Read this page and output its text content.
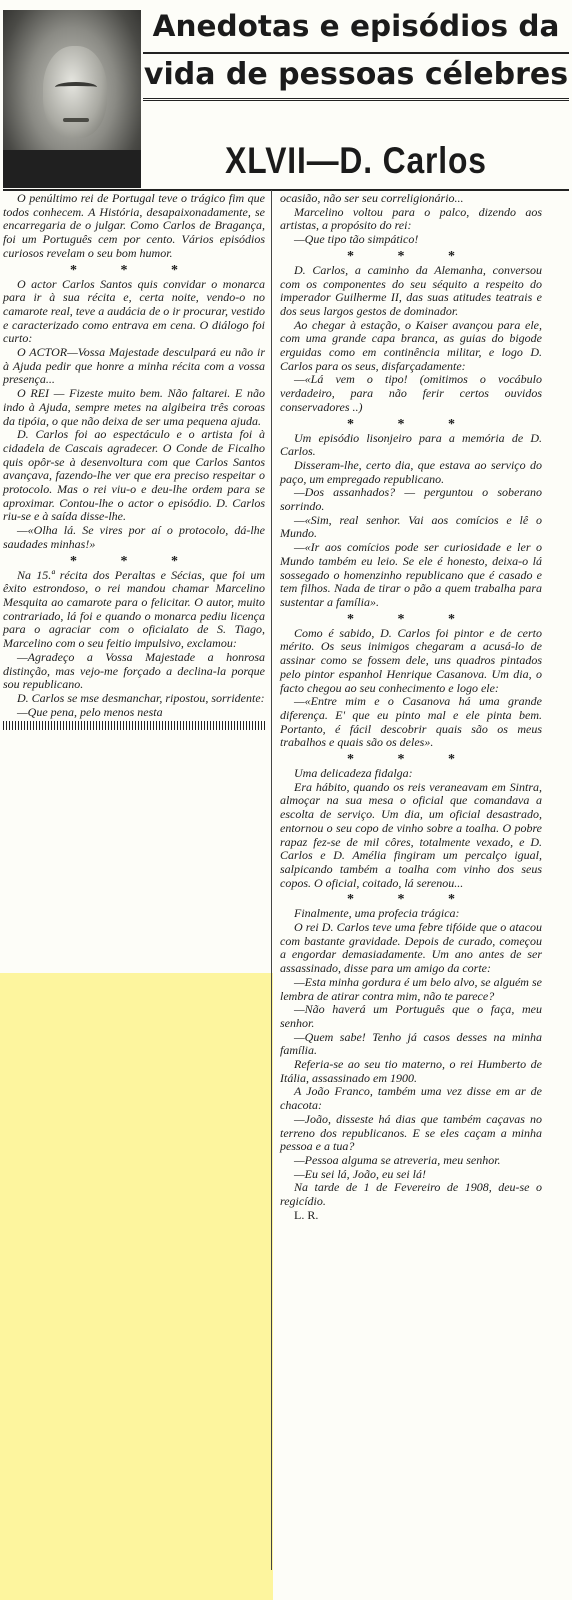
Anedotas e episódios da
vida de pessoas célebres
XLVII—D. Carlos

O penúltimo rei de Portugal teve o trágico fim que todos conhecem. A História, desapaixonadamente, se encarregaria de o julgar. Como Carlos de Bragança, foi um Português cem por cento. Vários episódios curiosos revelam o seu bom humor.

* * *

O actor Carlos Santos quis convidar o monarca para ir à sua récita e, certa noite, vendo-o no camarote real, teve a audácia de o ir procurar, vestido e caracterizado como entrava em cena. O diálogo foi curto:

O ACTOR—Vossa Majestade desculpará eu não ir à Ajuda pedir que honre a minha récita com a vossa presença...

O REI — Fizeste muito bem. Não faltarei. E não indo à Ajuda, sempre metes na algibeira três coroas da tipóia, o que não deixa de ser uma pequena ajuda.

D. Carlos foi ao espectáculo e o artista foi à cidadela de Cascais agradecer. O Conde de Ficalho quis opôr-se à desenvoltura com que Carlos Santos avançava, fazendo-lhe ver que era preciso respeitar o protocolo. Mas o rei viu-o e deu-lhe ordem para se aproximar. Contou-lhe o actor o episódio. D. Carlos riu-se e à saída disse-lhe.

—«Olha lá. Se vires por aí o protocolo, dá-lhe saudades minhas!»

* * *

Na 15.ª récita dos Peraltas e Sécias, que foi um êxito estrondoso, o rei mandou chamar Marcelino Mesquita ao camarote para o felicitar. O autor, muito contrariado, lá foi e quando o monarca pediu licença para o agraciar com o oficialato de S. Tiago, Marcelino com o seu feitio impulsivo, exclamou:

—Agradeço a Vossa Majestade a honrosa distinção, mas vejo-me forçado a declina-la porque sou republicano.

D. Carlos se mse desmanchar, ripostou, sorridente:

—Que pena, pelo menos nesta

ocasião, não ser seu correligionário...

Marcelino voltou para o palco, dizendo aos artistas, a propósito do rei:

—Que tipo tão simpático!

* * *

D. Carlos, a caminho da Alemanha, conversou com os componentes do seu séquito a respeito do imperador Guilherme II, das suas atitudes teatrais e dos seus largos gestos de dominador.

Ao chegar à estação, o Kaiser avançou para ele, com uma grande capa branca, as guias do bigode erguidas como em continência militar, e logo D. Carlos para os seus, disfarçadamente:

—«Lá vem o tipo! (omitimos o vocábulo verdadeiro, para não ferir certos ouvidos conservadores ..)

* * *

Um episódio lisonjeiro para a memória de D. Carlos.

Disseram-lhe, certo dia, que estava ao serviço do paço, um empregado republicano.

—Dos assanhados? — perguntou o soberano sorrindo.

—«Sim, real senhor. Vai aos comícios e lê o Mundo.

—«Ir aos comícios pode ser curiosidade e ler o Mundo também eu leio. Se ele é honesto, deixa-o lá sossegado o homenzinho republicano que é casado e tem filhos. Nada de tirar o pão a quem trabalha para sustentar a família».

* * *

Como é sabido, D. Carlos foi pintor e de certo mérito. Os seus inimigos chegaram a acusá-lo de assinar como se fossem dele, uns quadros pintados pelo pintor espanhol Henrique Casanova. Um dia, o facto chegou ao seu conhecimento e logo ele:

—«Entre mim e o Casanova há uma grande diferença. E' que eu pinto mal e ele pinta bem. Portanto, é fácil descobrir quais são os meus trabalhos e quais são os deles».

* * *

Uma delicadeza fidalga:

Era hábito, quando os reis veraneavam em Sintra, almoçar na sua mesa o oficial que comandava a escolta de serviço. Um dia, um oficial desastrado, entornou o seu copo de vinho sobre a toalha. O pobre rapaz fez-se de mil côres, totalmente vexado, e D. Carlos e D. Amélia fingiram um percalço igual, salpicando também a toalha com vinho dos seus copos. O oficial, coitado, lá serenou...

* * *

Finalmente, uma profecia trágica:

O rei D. Carlos teve uma febre tifóide que o atacou com bastante gravidade. Depois de curado, começou a engordar demasiadamente. Um ano antes de ser assassinado, disse para um amigo da corte:

—Esta minha gordura é um belo alvo, se alguém se lembra de atirar contra mim, não te parece?

—Não haverá um Português que o faça, meu senhor.

—Quem sabe! Tenho já casos desses na minha família.

Referia-se ao seu tio materno, o rei Humberto de Itália, assassinado em 1900.

A João Franco, também uma vez disse em ar de chacota:

—João, disseste há dias que também caçavas no terreno dos republicanos. E se eles caçam a minha pessoa e a tua?

—Pessoa alguma se atreveria, meu senhor.

—Eu sei lá, João, eu sei lá!

Na tarde de 1 de Fevereiro de 1908, deu-se o regicídio.

L. R.
